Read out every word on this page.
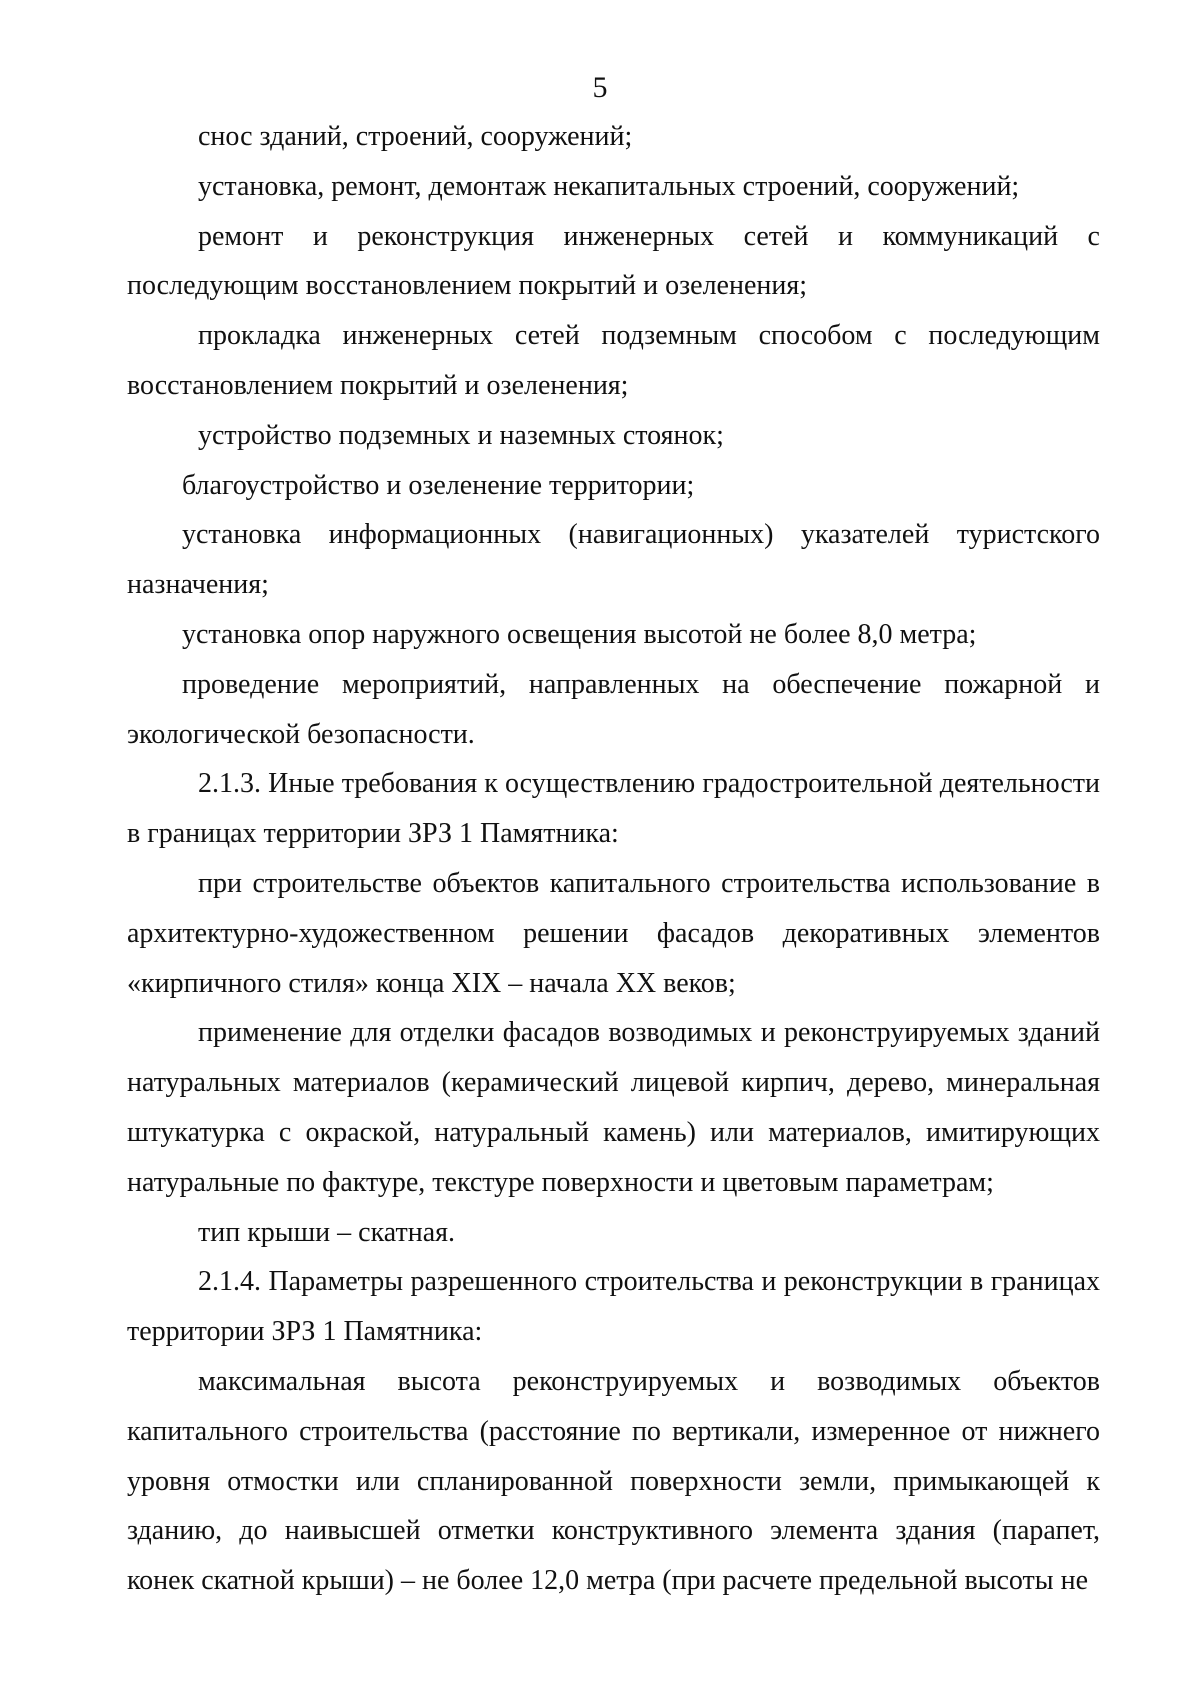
5

снос зданий, строений, сооружений;

установка, ремонт, демонтаж некапитальных строений, сооружений;

ремонт и реконструкция инженерных сетей и коммуникаций с последующим восстановлением покрытий и озеленения;

прокладка инженерных сетей подземным способом с последующим восстановлением покрытий и озеленения;

устройство подземных и наземных стоянок;

благоустройство и озеленение территории;

установка информационных (навигационных) указателей туристского назначения;

установка опор наружного освещения высотой не более 8,0 метра;

проведение мероприятий, направленных на обеспечение пожарной и экологической безопасности.

2.1.3. Иные требования к осуществлению градостроительной деятельности в границах территории ЗРЗ 1 Памятника:

при строительстве объектов капитального строительства использование в архитектурно-художественном решении фасадов декоративных элементов «кирпичного стиля» конца XIX – начала XX веков;

применение для отделки фасадов возводимых и реконструируемых зданий натуральных материалов (керамический лицевой кирпич, дерево, минеральная штукатурка с окраской, натуральный камень) или материалов, имитирующих натуральные по фактуре, текстуре поверхности и цветовым параметрам;

тип крыши – скатная.

2.1.4. Параметры разрешенного строительства и реконструкции в границах территории ЗРЗ 1 Памятника:

максимальная высота реконструируемых и возводимых объектов капитального строительства (расстояние по вертикали, измеренное от нижнего уровня отмостки или спланированной поверхности земли, примыкающей к зданию, до наивысшей отметки конструктивного элемента здания (парапет, конек скатной крыши) – не более 12,0 метра (при расчете предельной высоты не
